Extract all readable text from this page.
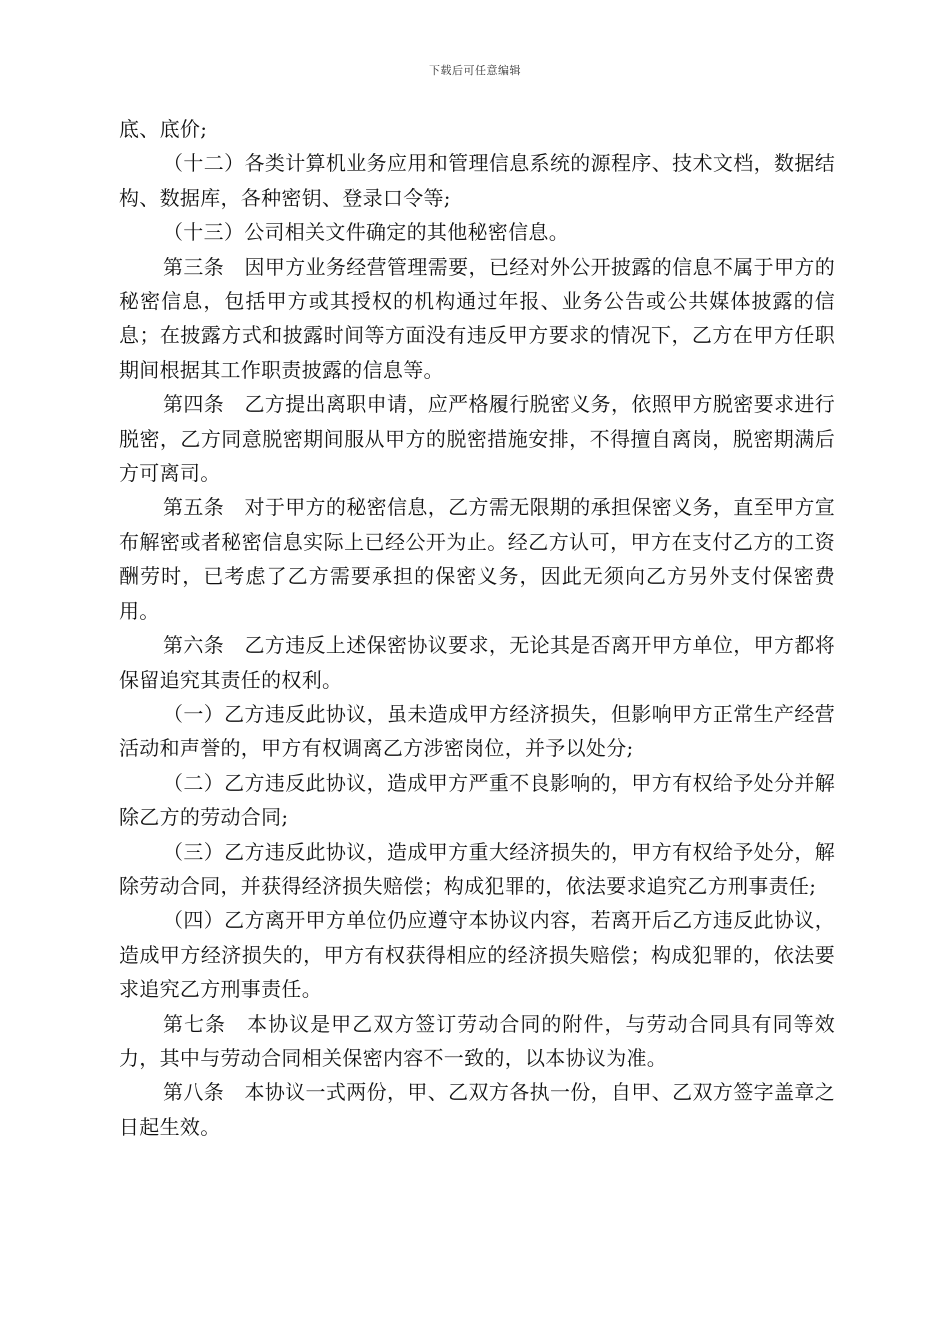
下载后可任意编辑

底、底价;

（十二）各类计算机业务应用和管理信息系统的源程序、技术文档，数据结构、数据库，各种密钥、登录口令等;

（十三）公司相关文件确定的其他秘密信息。

第三条　因甲方业务经营管理需要，已经对外公开披露的信息不属于甲方的秘密信息，包括甲方或其授权的机构通过年报、业务公告或公共媒体披露的信息；在披露方式和披露时间等方面没有违反甲方要求的情况下，乙方在甲方任职期间根据其工作职责披露的信息等。

第四条　乙方提出离职申请，应严格履行脱密义务，依照甲方脱密要求进行脱密，乙方同意脱密期间服从甲方的脱密措施安排，不得擅自离岗，脱密期满后方可离司。

第五条　对于甲方的秘密信息，乙方需无限期的承担保密义务，直至甲方宣布解密或者秘密信息实际上已经公开为止。经乙方认可，甲方在支付乙方的工资酬劳时，已考虑了乙方需要承担的保密义务，因此无须向乙方另外支付保密费用。

第六条　乙方违反上述保密协议要求，无论其是否离开甲方单位，甲方都将保留追究其责任的权利。

（一）乙方违反此协议，虽未造成甲方经济损失，但影响甲方正常生产经营活动和声誉的，甲方有权调离乙方涉密岗位，并予以处分;

（二）乙方违反此协议，造成甲方严重不良影响的，甲方有权给予处分并解除乙方的劳动合同;

（三）乙方违反此协议，造成甲方重大经济损失的，甲方有权给予处分，解除劳动合同，并获得经济损失赔偿；构成犯罪的，依法要求追究乙方刑事责任;

（四）乙方离开甲方单位仍应遵守本协议内容，若离开后乙方违反此协议，造成甲方经济损失的，甲方有权获得相应的经济损失赔偿；构成犯罪的，依法要求追究乙方刑事责任。

第七条　本协议是甲乙双方签订劳动合同的附件，与劳动合同具有同等效力，其中与劳动合同相关保密内容不一致的，以本协议为准。

第八条　本协议一式两份，甲、乙双方各执一份，自甲、乙双方签字盖章之日起生效。
